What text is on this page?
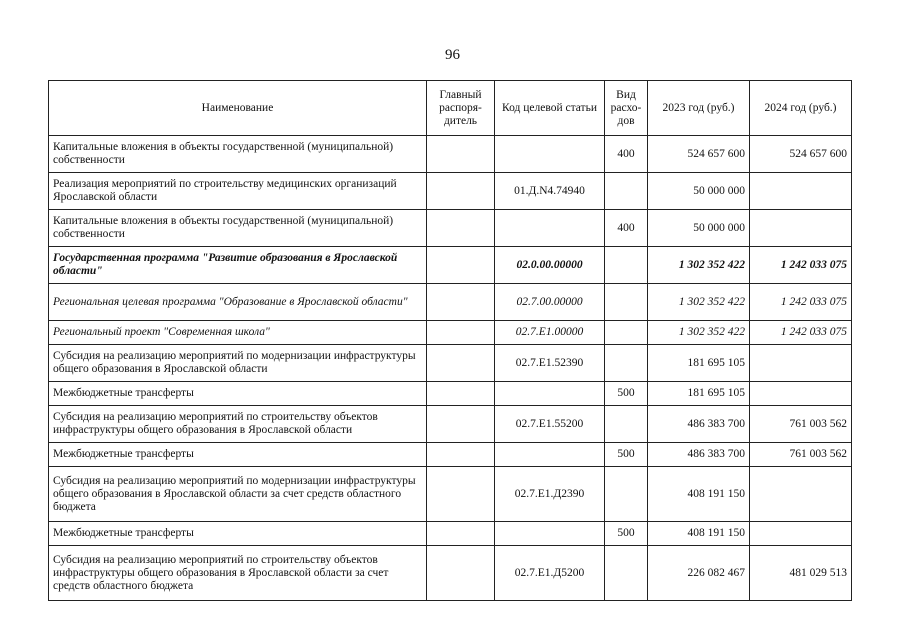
96
Наименование	Главный распоря-дитель	Код целевой статьи	Вид расхо-дов	2023 год (руб.)	2024 год (руб.)
Капитальные вложения в объекты государственной (муниципальной) собственности			400	524 657 600	524 657 600
Реализация мероприятий по строительству медицинских организаций Ярославской области		01.Д.N4.74940		50 000 000	
Капитальные вложения в объекты государственной (муниципальной) собственности			400	50 000 000	
Государственная программа "Развитие образования в Ярославской области"		02.0.00.00000		1 302 352 422	1 242 033 075
Региональная целевая программа "Образование в Ярославской области"		02.7.00.00000		1 302 352 422	1 242 033 075
Региональный проект "Современная школа"		02.7.E1.00000		1 302 352 422	1 242 033 075
Субсидия на реализацию мероприятий по модернизации инфраструктуры общего образования в Ярославской области		02.7.E1.52390		181 695 105	
Межбюджетные трансферты			500	181 695 105	
Субсидия на реализацию мероприятий по строительству объектов инфраструктуры общего образования в Ярославской области		02.7.E1.55200		486 383 700	761 003 562
Межбюджетные трансферты			500	486 383 700	761 003 562
Субсидия на реализацию мероприятий по модернизации инфраструктуры общего образования в Ярославской области за счет средств областного бюджета		02.7.E1.Д2390		408 191 150	
Межбюджетные трансферты			500	408 191 150	
Субсидия на реализацию мероприятий по строительству объектов инфраструктуры общего образования в Ярославской области за счет средств областного бюджета		02.7.E1.Д5200		226 082 467	481 029 513
